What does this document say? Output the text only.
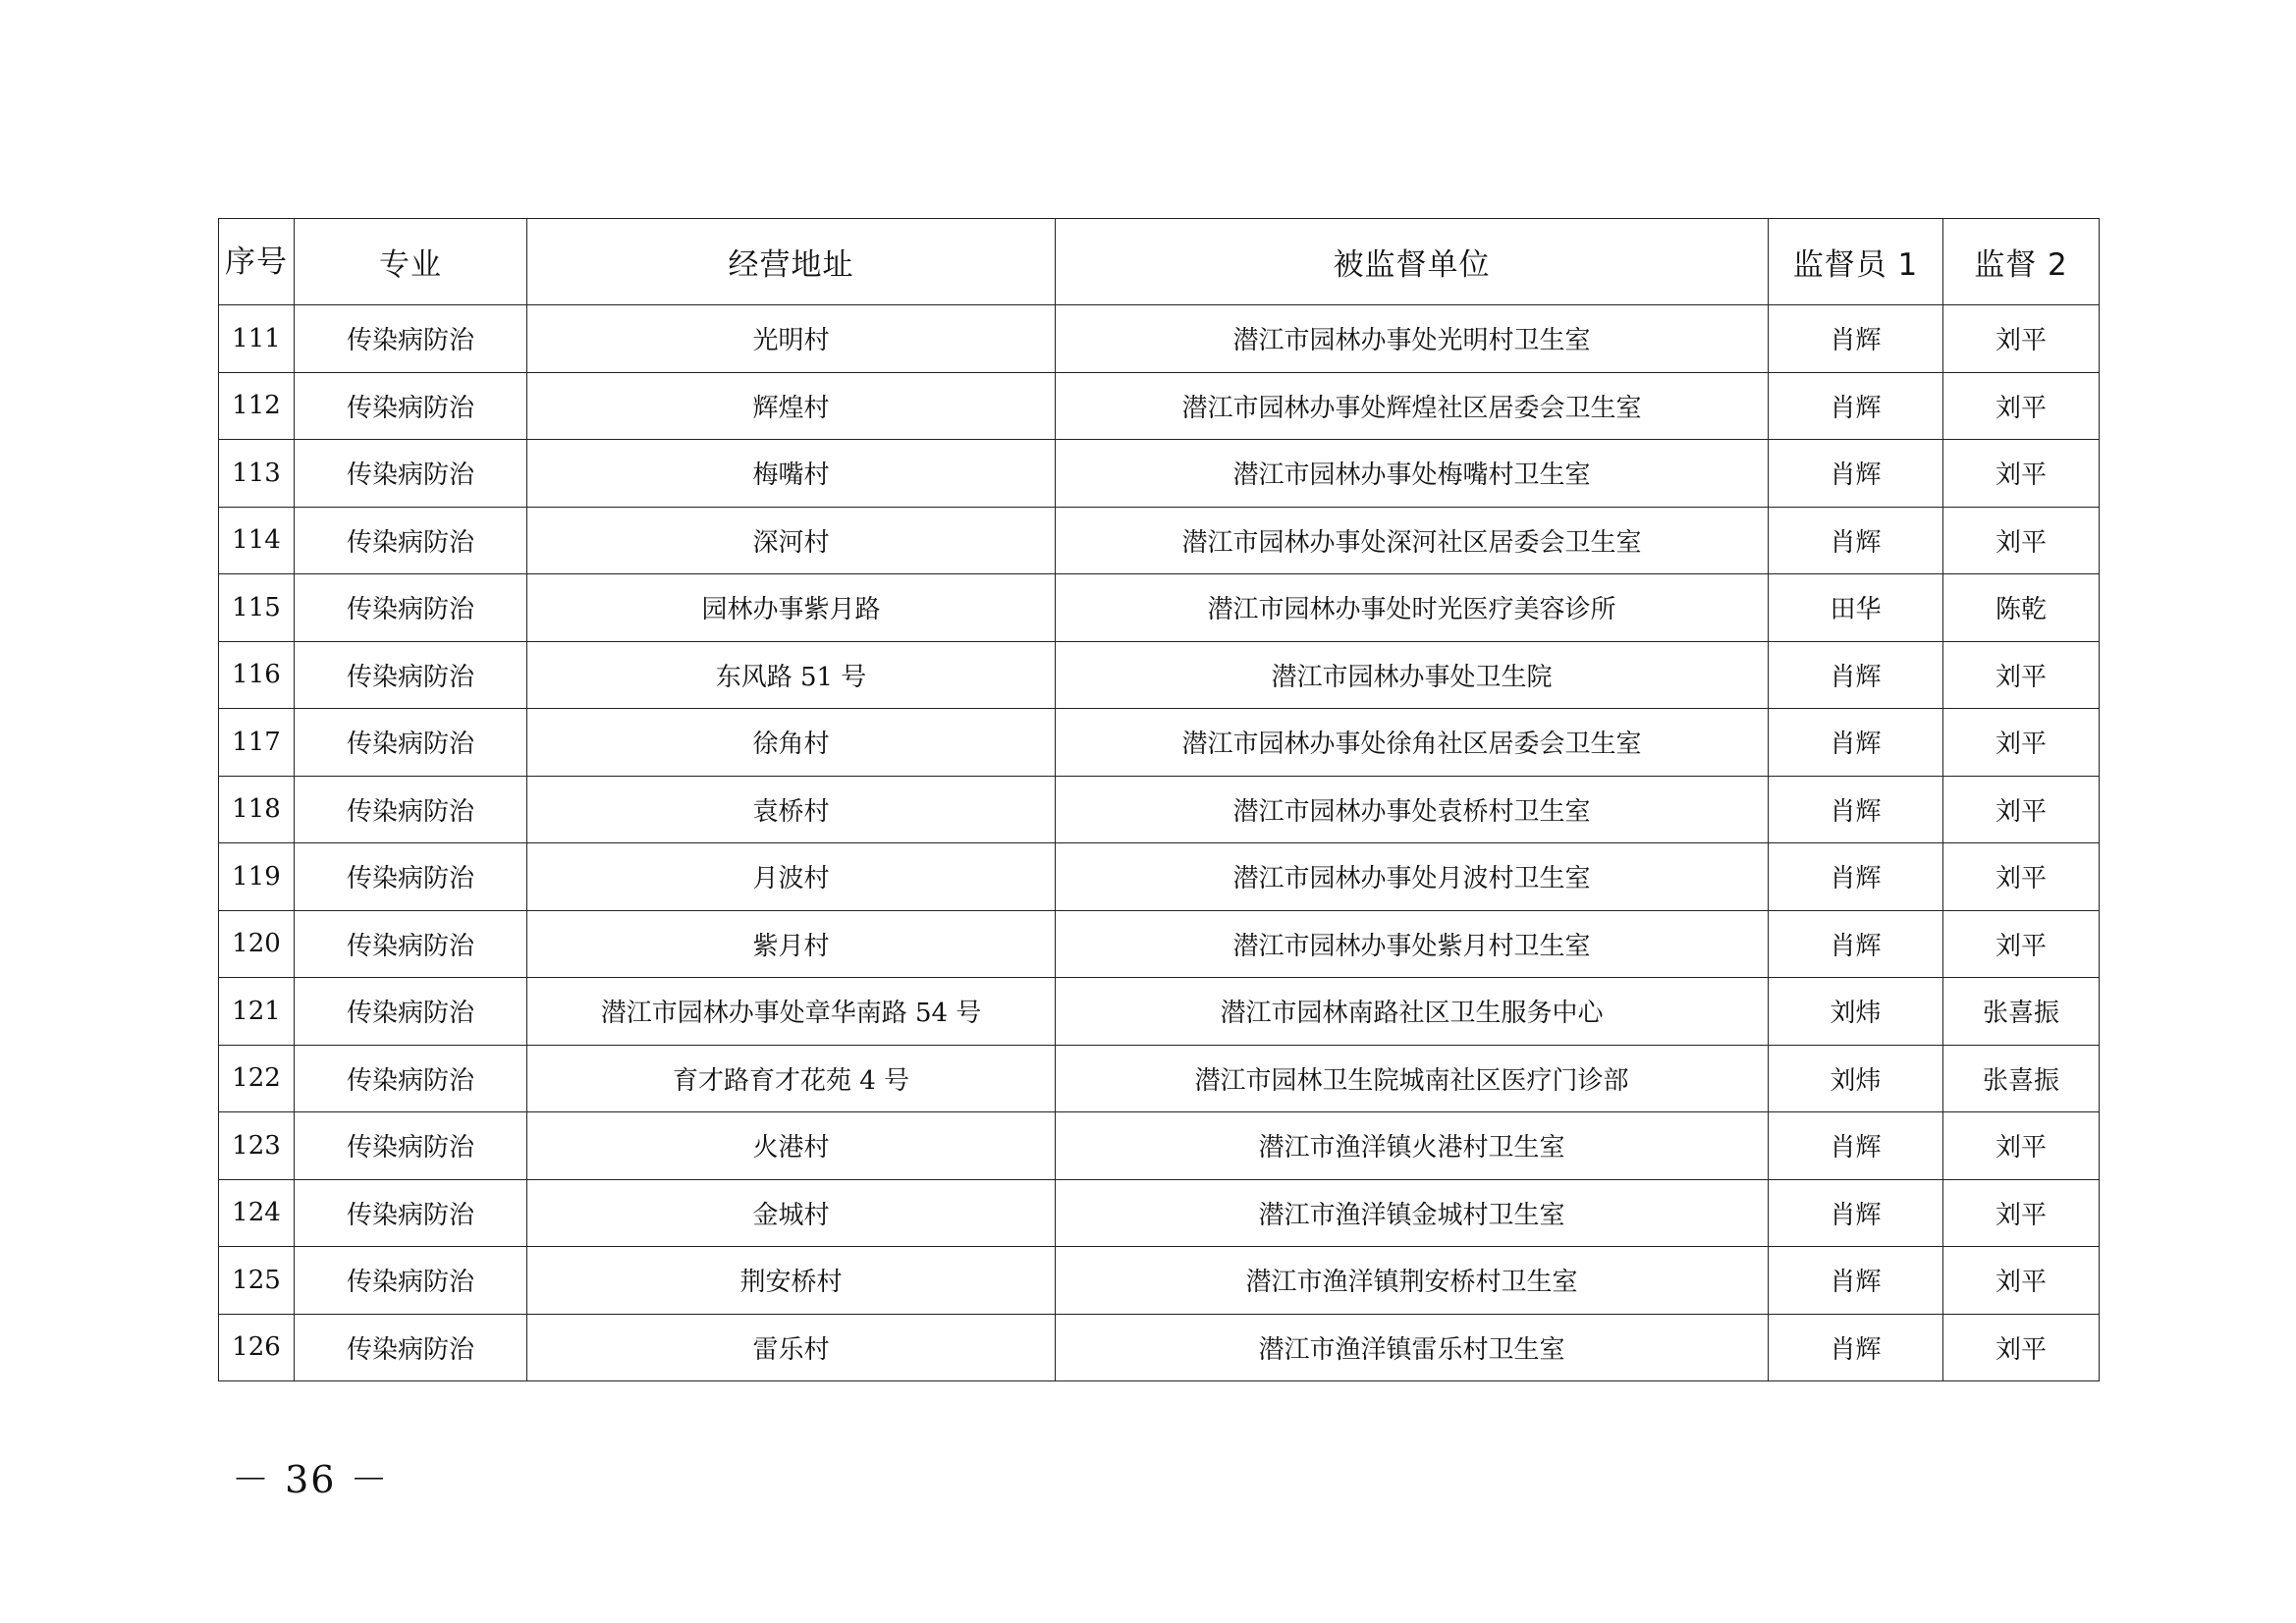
序号	专业	经营地址	被监督单位	监督员 1	监督 2
111	传染病防治	光明村	潜江市园林办事处光明村卫生室	肖辉	刘平
112	传染病防治	辉煌村	潜江市园林办事处辉煌社区居委会卫生室	肖辉	刘平
113	传染病防治	梅嘴村	潜江市园林办事处梅嘴村卫生室	肖辉	刘平
114	传染病防治	深河村	潜江市园林办事处深河社区居委会卫生室	肖辉	刘平
115	传染病防治	园林办事紫月路	潜江市园林办事处时光医疗美容诊所	田华	陈乾
116	传染病防治	东风路 51 号	潜江市园林办事处卫生院	肖辉	刘平
117	传染病防治	徐角村	潜江市园林办事处徐角社区居委会卫生室	肖辉	刘平
118	传染病防治	袁桥村	潜江市园林办事处袁桥村卫生室	肖辉	刘平
119	传染病防治	月波村	潜江市园林办事处月波村卫生室	肖辉	刘平
120	传染病防治	紫月村	潜江市园林办事处紫月村卫生室	肖辉	刘平
121	传染病防治	潜江市园林办事处章华南路 54 号	潜江市园林南路社区卫生服务中心	刘炜	张喜振
122	传染病防治	育才路育才花苑 4 号	潜江市园林卫生院城南社区医疗门诊部	刘炜	张喜振
123	传染病防治	火港村	潜江市渔洋镇火港村卫生室	肖辉	刘平
124	传染病防治	金城村	潜江市渔洋镇金城村卫生室	肖辉	刘平
125	传染病防治	荆安桥村	潜江市渔洋镇荆安桥村卫生室	肖辉	刘平
126	传染病防治	雷乐村	潜江市渔洋镇雷乐村卫生室	肖辉	刘平
－ 36 －
